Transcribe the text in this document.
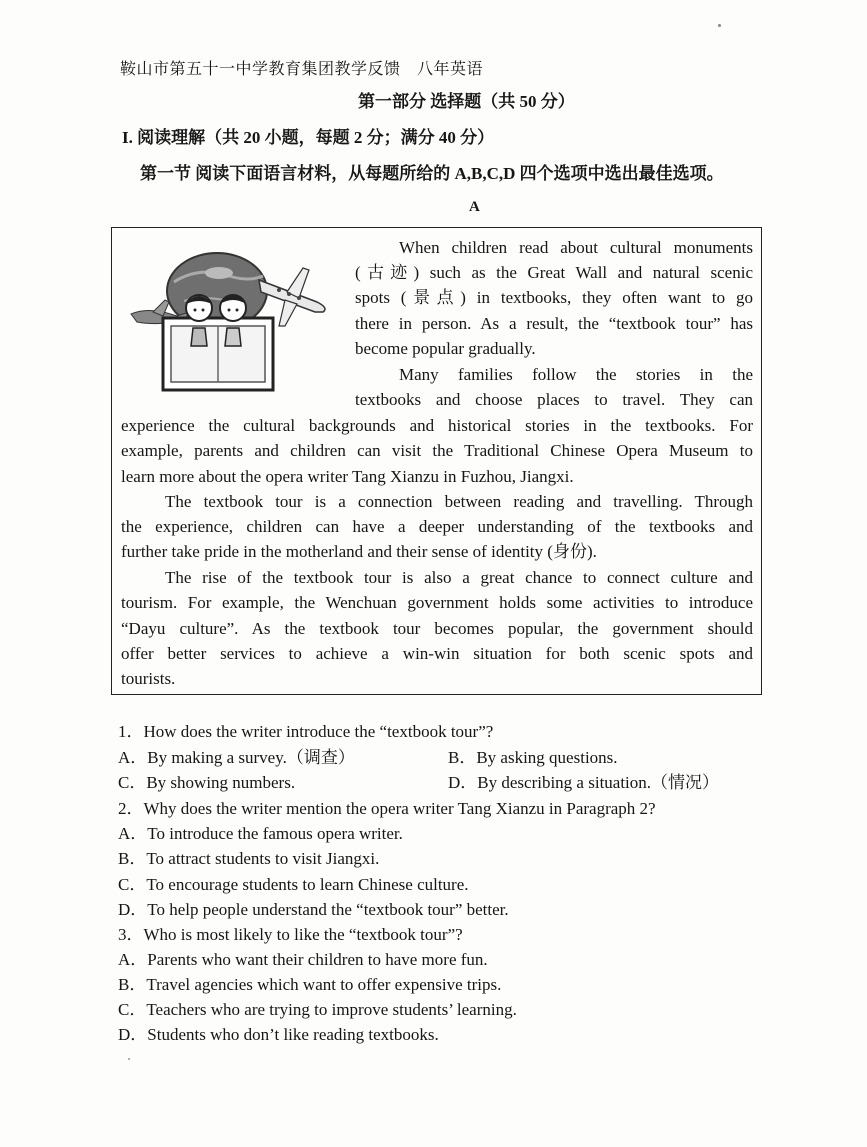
鞍山市第五十一中学教育集团教学反馈　八年英语
第一部分 选择题（共 50 分）
I. 阅读理解（共 20 小题，每题 2 分；满分 40 分）
第一节 阅读下面语言材料，从每题所给的 A,B,C,D 四个选项中选出最佳选项。
A
When children read about cultural monuments
(古迹) such as the Great Wall and natural scenic
spots (景点) in textbooks, they often want to go
there in person. As a result, the “textbook tour” has
become popular gradually.
Many families follow the stories in the
textbooks and choose places to travel. They can
experience the cultural backgrounds and historical stories in the textbooks. For
example, parents and children can visit the Traditional Chinese Opera Museum to
learn more about the opera writer Tang Xianzu in Fuzhou, Jiangxi.
The textbook tour is a connection between reading and travelling. Through
the experience, children can have a deeper understanding of the textbooks and
further take pride in the motherland and their sense of identity (身份).
The rise of the textbook tour is also a great chance to connect culture and
tourism. For example, the Wenchuan government holds some activities to introduce
“Dayu culture”. As the textbook tour becomes popular, the government should
offer better services to achieve a win-win situation for both scenic spots and
tourists.
1．How does the writer introduce the “textbook tour”?
A．By making a survey.（调查）	B．By asking questions.
C．By showing numbers.	D．By describing a situation.（情况）
2．Why does the writer mention the opera writer Tang Xianzu in Paragraph 2?
A．To introduce the famous opera writer.
B．To attract students to visit Jiangxi.
C．To encourage students to learn Chinese culture.
D．To help people understand the “textbook tour” better.
3．Who is most likely to like the “textbook tour”?
A．Parents who want their children to have more fun.
B．Travel agencies which want to offer expensive trips.
C．Teachers who are trying to improve students’ learning.
D．Students who don’t like reading textbooks.
